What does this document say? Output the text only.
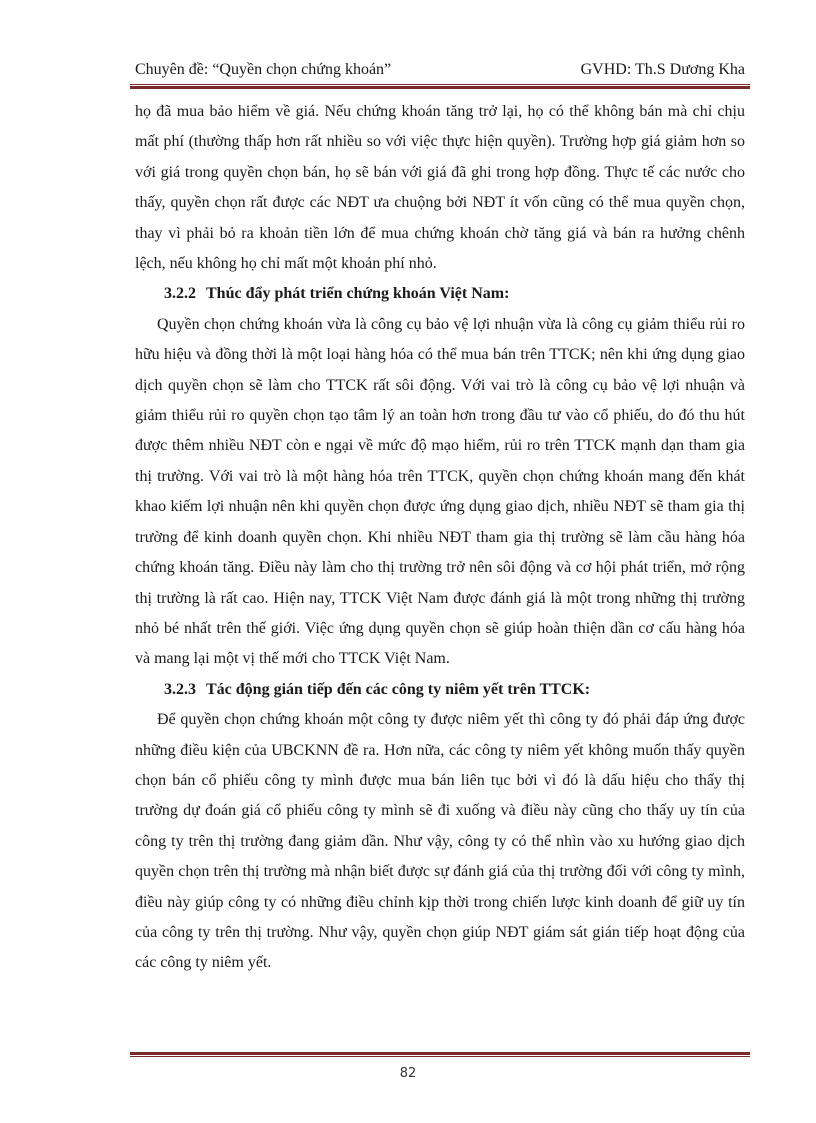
Chuyên đề: “Quyền chọn chứng khoán”	GVHD: Th.S Dương Kha

họ đã mua bảo hiểm về giá. Nếu chứng khoán tăng trở lại, họ có thể không bán mà chỉ chịu mất phí (thường thấp hơn rất nhiều so với việc thực hiện quyền). Trường hợp giá giảm hơn so với giá trong quyền chọn bán, họ sẽ bán với giá đã ghi trong hợp đồng. Thực tế các nước cho thấy, quyền chọn rất được các NĐT ưa chuộng bởi NĐT ít vốn cũng có thể mua quyền chọn, thay vì phải bỏ ra khoản tiền lớn để mua chứng khoán chờ tăng giá và bán ra hưởng chênh lệch, nếu không họ chỉ mất một khoản phí nhỏ.

3.2.2 Thúc đẩy phát triển chứng khoán Việt Nam:

Quyền chọn chứng khoán vừa là công cụ bảo vệ lợi nhuận vừa là công cụ giảm thiểu rủi ro hữu hiệu và đồng thời là một loại hàng hóa có thể mua bán trên TTCK; nên khi ứng dụng giao dịch quyền chọn sẽ làm cho TTCK rất sôi động. Với vai trò là công cụ bảo vệ lợi nhuận và giảm thiểu rủi ro quyền chọn tạo tâm lý an toàn hơn trong đầu tư vào cổ phiếu, do đó thu hút được thêm nhiều NĐT còn e ngại về mức độ mạo hiểm, rủi ro trên TTCK mạnh dạn tham gia thị trường. Với vai trò là một hàng hóa trên TTCK, quyền chọn chứng khoán mang đến khát khao kiếm lợi nhuận nên khi quyền chọn được ứng dụng giao dịch, nhiều NĐT sẽ tham gia thị trường để kinh doanh quyền chọn. Khi nhiều NĐT tham gia thị trường sẽ làm cầu hàng hóa chứng khoán tăng. Điều này làm cho thị trường trở nên sôi động và cơ hội phát triển, mở rộng thị trường là rất cao. Hiện nay, TTCK Việt Nam được đánh giá là một trong những thị trường nhỏ bé nhất trên thế giới. Việc ứng dụng quyền chọn sẽ giúp hoàn thiện dần cơ cấu hàng hóa và mang lại một vị thế mới cho TTCK Việt Nam.

3.2.3 Tác động gián tiếp đến các công ty niêm yết trên TTCK:

Để quyền chọn chứng khoán một công ty được niêm yết thì công ty đó phải đáp ứng được những điều kiện của UBCKNN đề ra. Hơn nữa, các công ty niêm yết không muốn thấy quyền chọn bán cổ phiếu công ty mình được mua bán liên tục bởi vì đó là dấu hiệu cho thấy thị trường dự đoán giá cổ phiếu công ty mình sẽ đi xuống và điều này cũng cho thấy uy tín của công ty trên thị trường đang giảm dần. Như vậy, công ty có thể nhìn vào xu hướng giao dịch quyền chọn trên thị trường mà nhận biết được sự đánh giá của thị trường đối với công ty mình, điều này giúp công ty có những điều chỉnh kịp thời trong chiến lược kinh doanh để giữ uy tín của công ty trên thị trường. Như vậy, quyền chọn giúp NĐT giám sát gián tiếp hoạt động của các công ty niêm yết.

82
